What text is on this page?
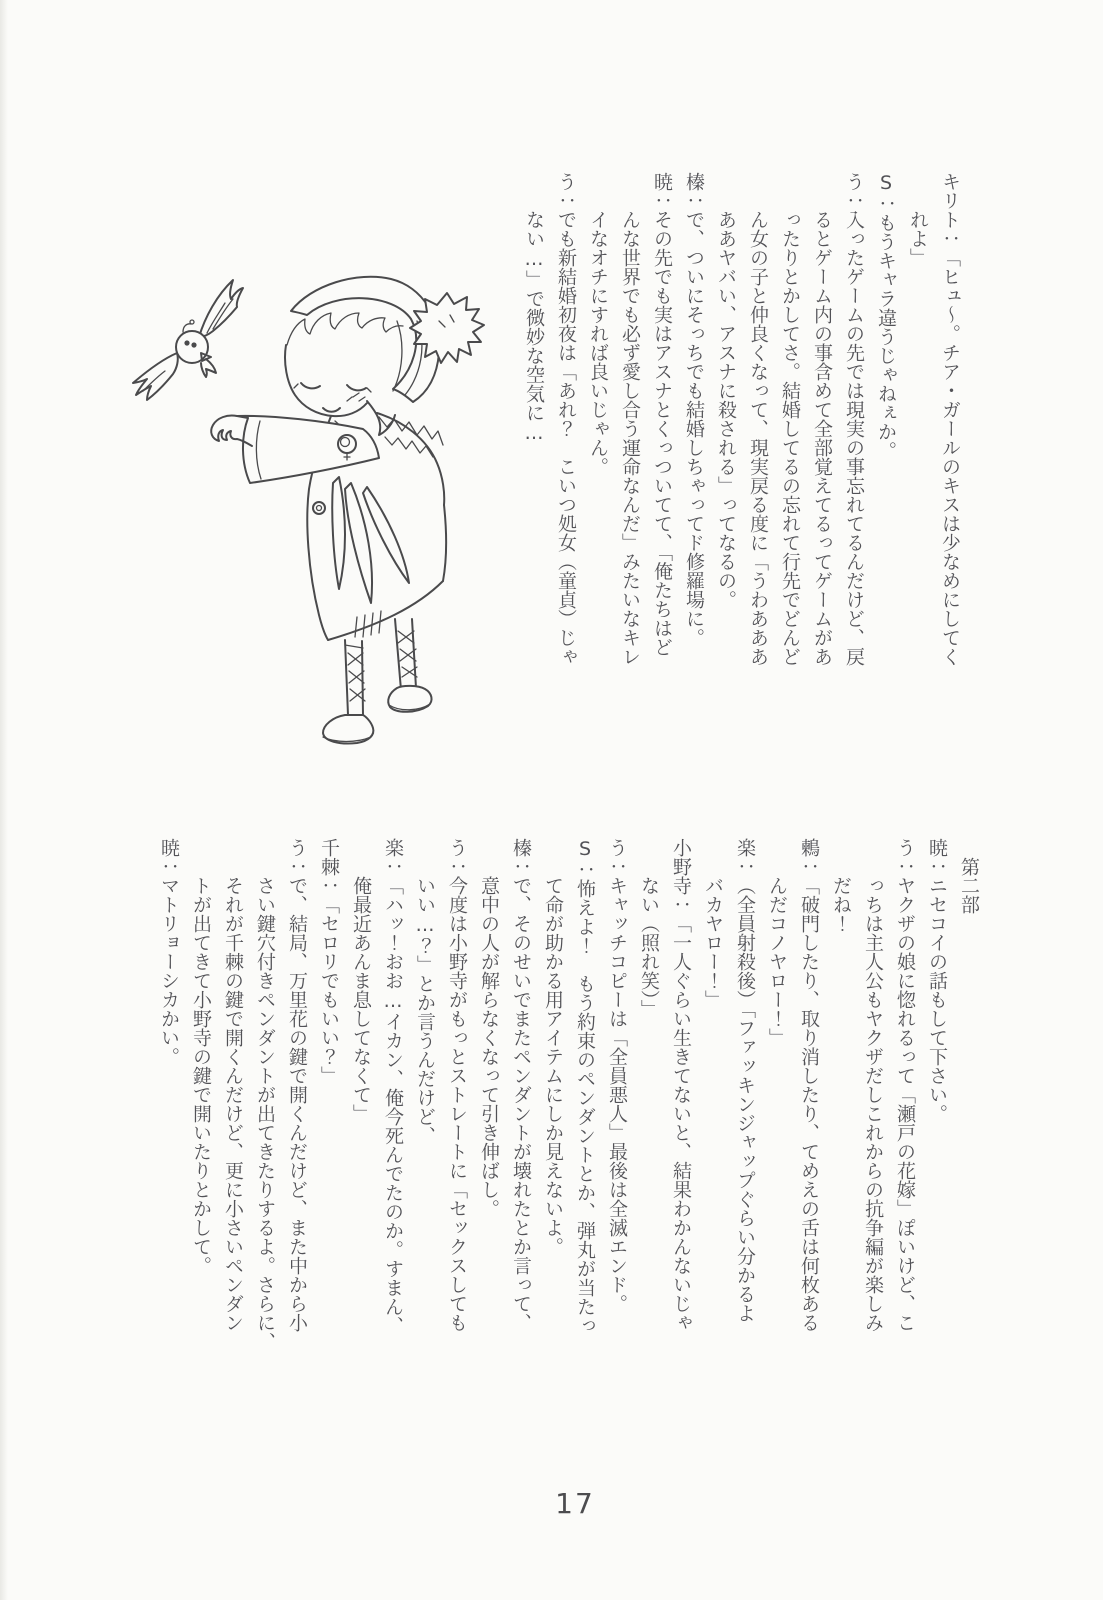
キリト：「ヒュ～。チア・ガールのキスは少なめにしてく
　　れよ」
S：もうキャラ違うじゃねぇか。
う：入ったゲームの先では現実の事忘れてるんだけど、戻
　　るとゲーム内の事含めて全部覚えてるってゲームがあ
　　ったりとかしてさ。結婚してるの忘れて行先でどんど
　　ん女の子と仲良くなって、現実戻る度に「うわあああ
　　ああヤバい、アスナに殺される」ってなるの。
榛：で、ついにそっちでも結婚しちゃってド修羅場に。
暁：その先でも実はアスナとくっついてて、「俺たちはど
　　んな世界でも必ず愛し合う運命なんだ」みたいなキレ
　　イなオチにすれば良いじゃん。
う：でも新結婚初夜は「あれ？　こいつ処女（童貞）じゃ
　　ない…」で微妙な空気に…
　第二部
暁：ニセコイの話もして下さい。
う：ヤクザの娘に惚れるって「瀬戸の花嫁」ぽいけど、こ
　　っちは主人公もヤクザだしこれからの抗争編が楽しみ
　　だね！
鶫：「破門したり、取り消したり、てめえの舌は何枚ある
　　んだコノヤロー！」
楽：（全員射殺後）「ファッキンジャップぐらい分かるよ
　　バカヤロー！」
小野寺：「一人ぐらい生きてないと、結果わかんないじゃ
　　ない（照れ笑）」
う：キャッチコピーは「全員悪人」最後は全滅エンド。
S：怖えよ！　もう約束のペンダントとか、弾丸が当たっ
　　て命が助かる用アイテムにしか見えないよ。
榛：で、そのせいでまたペンダントが壊れたとか言って、
　　意中の人が解らなくなって引き伸ばし。
う：今度は小野寺がもっとストレートに「セックスしても
　　いい…？」とか言うんだけど、
楽：「ハッ！おお…イカン、俺今死んでたのか。すまん、
　　俺最近あんま息してなくて」
千棘：「セロリでもいい？」
う：で、結局、万里花の鍵で開くんだけど、また中から小
　　さい鍵穴付きペンダントが出てきたりするよ。さらに、
　　それが千棘の鍵で開くんだけど、更に小さいペンダン
　　トが出てきて小野寺の鍵で開いたりとかして。
暁：マトリョーシカかい。
17
